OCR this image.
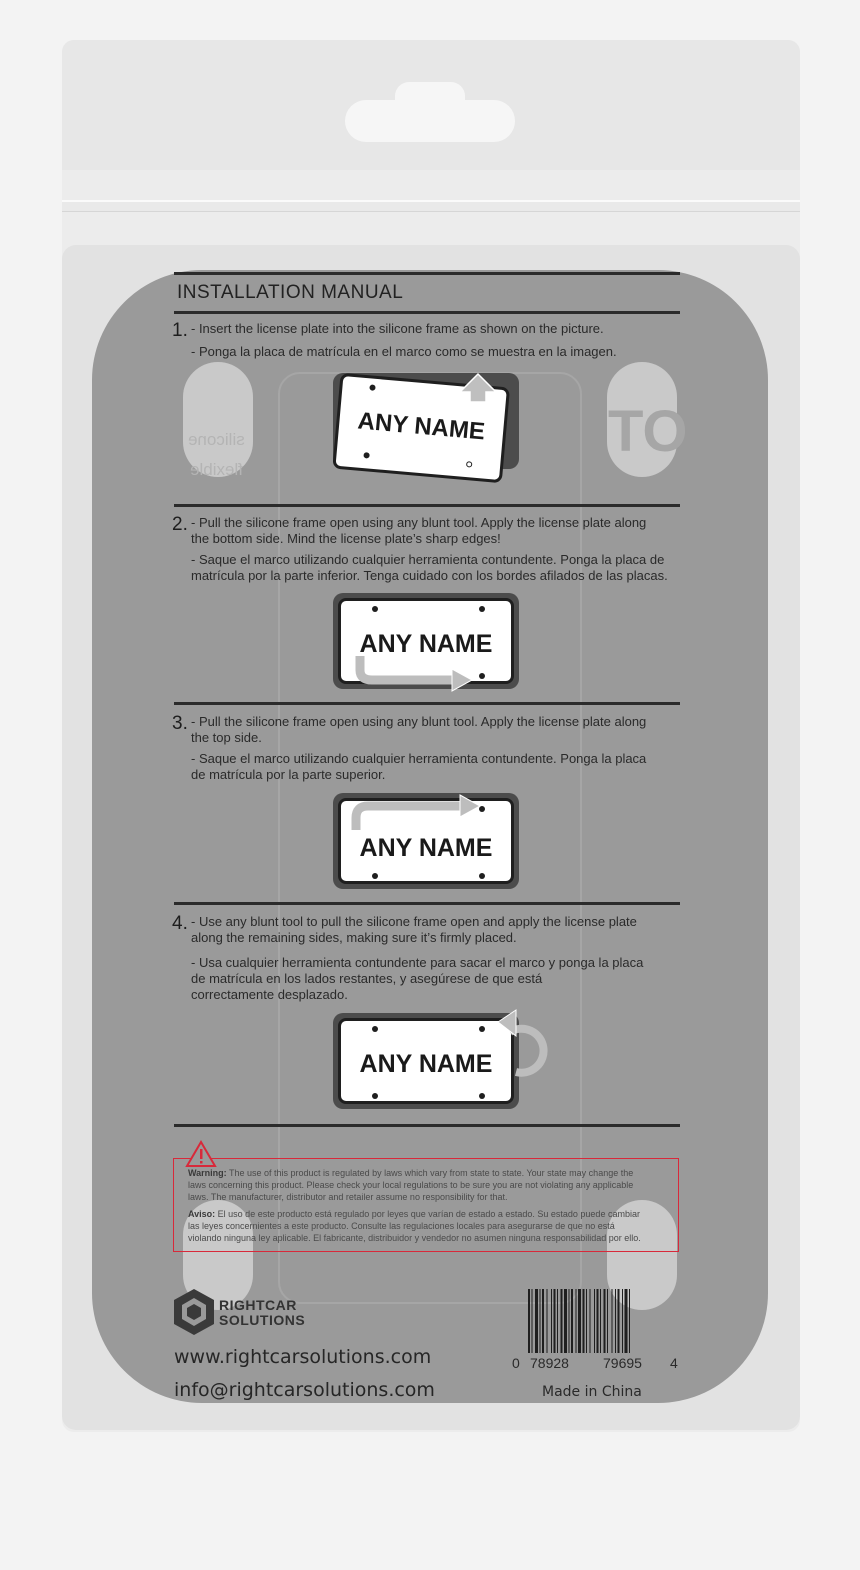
silicone
flexible
TO
INSTALLATION MANUAL
1. - Insert the license plate into the silicone frame as shown on the picture.
- Ponga la placa de matrícula en el marco como se muestra en la imagen.
ANY NAME
2. - Pull the silicone frame open using any blunt tool. Apply the license plate along
the bottom side. Mind the license plate’s sharp edges!
- Saque el marco utilizando cualquier herramienta contundente. Ponga la placa de
matrícula por la parte inferior. Tenga cuidado con los bordes afilados de las placas.
ANY NAME
3. - Pull the silicone frame open using any blunt tool. Apply the license plate along
the top side.
- Saque el marco utilizando cualquier herramienta contundente. Ponga la placa
de matrícula por la parte superior.
ANY NAME
4. - Use any blunt tool to pull the silicone frame open and apply the license plate
along the remaining sides, making sure it’s firmly placed.
- Usa cualquier herramienta contundente para sacar el marco y ponga la placa
de matrícula en los lados restantes, y asegúrese de que está
correctamente desplazado.
ANY NAME
Warning: The use of this product is regulated by laws which vary from state to state. Your state may change the
laws concerning this product. Please check your local regulations to be sure you are not violating any applicable
laws. The manufacturer, distributor and retailer assume no responsibility for that.
Aviso: El uso de este producto está regulado por leyes que varían de estado a estado. Su estado puede cambiar
las leyes concernientes a este producto. Consulte las regulaciones locales para asegurarse de que no está
violando ninguna ley aplicable. El fabricante, distribuidor y vendedor no asumen ninguna responsabilidad por ello.
RIGHTCAR
SOLUTIONS
www.rightcarsolutions.com
info@rightcarsolutions.com
0 78928 79695 4
Made in China
